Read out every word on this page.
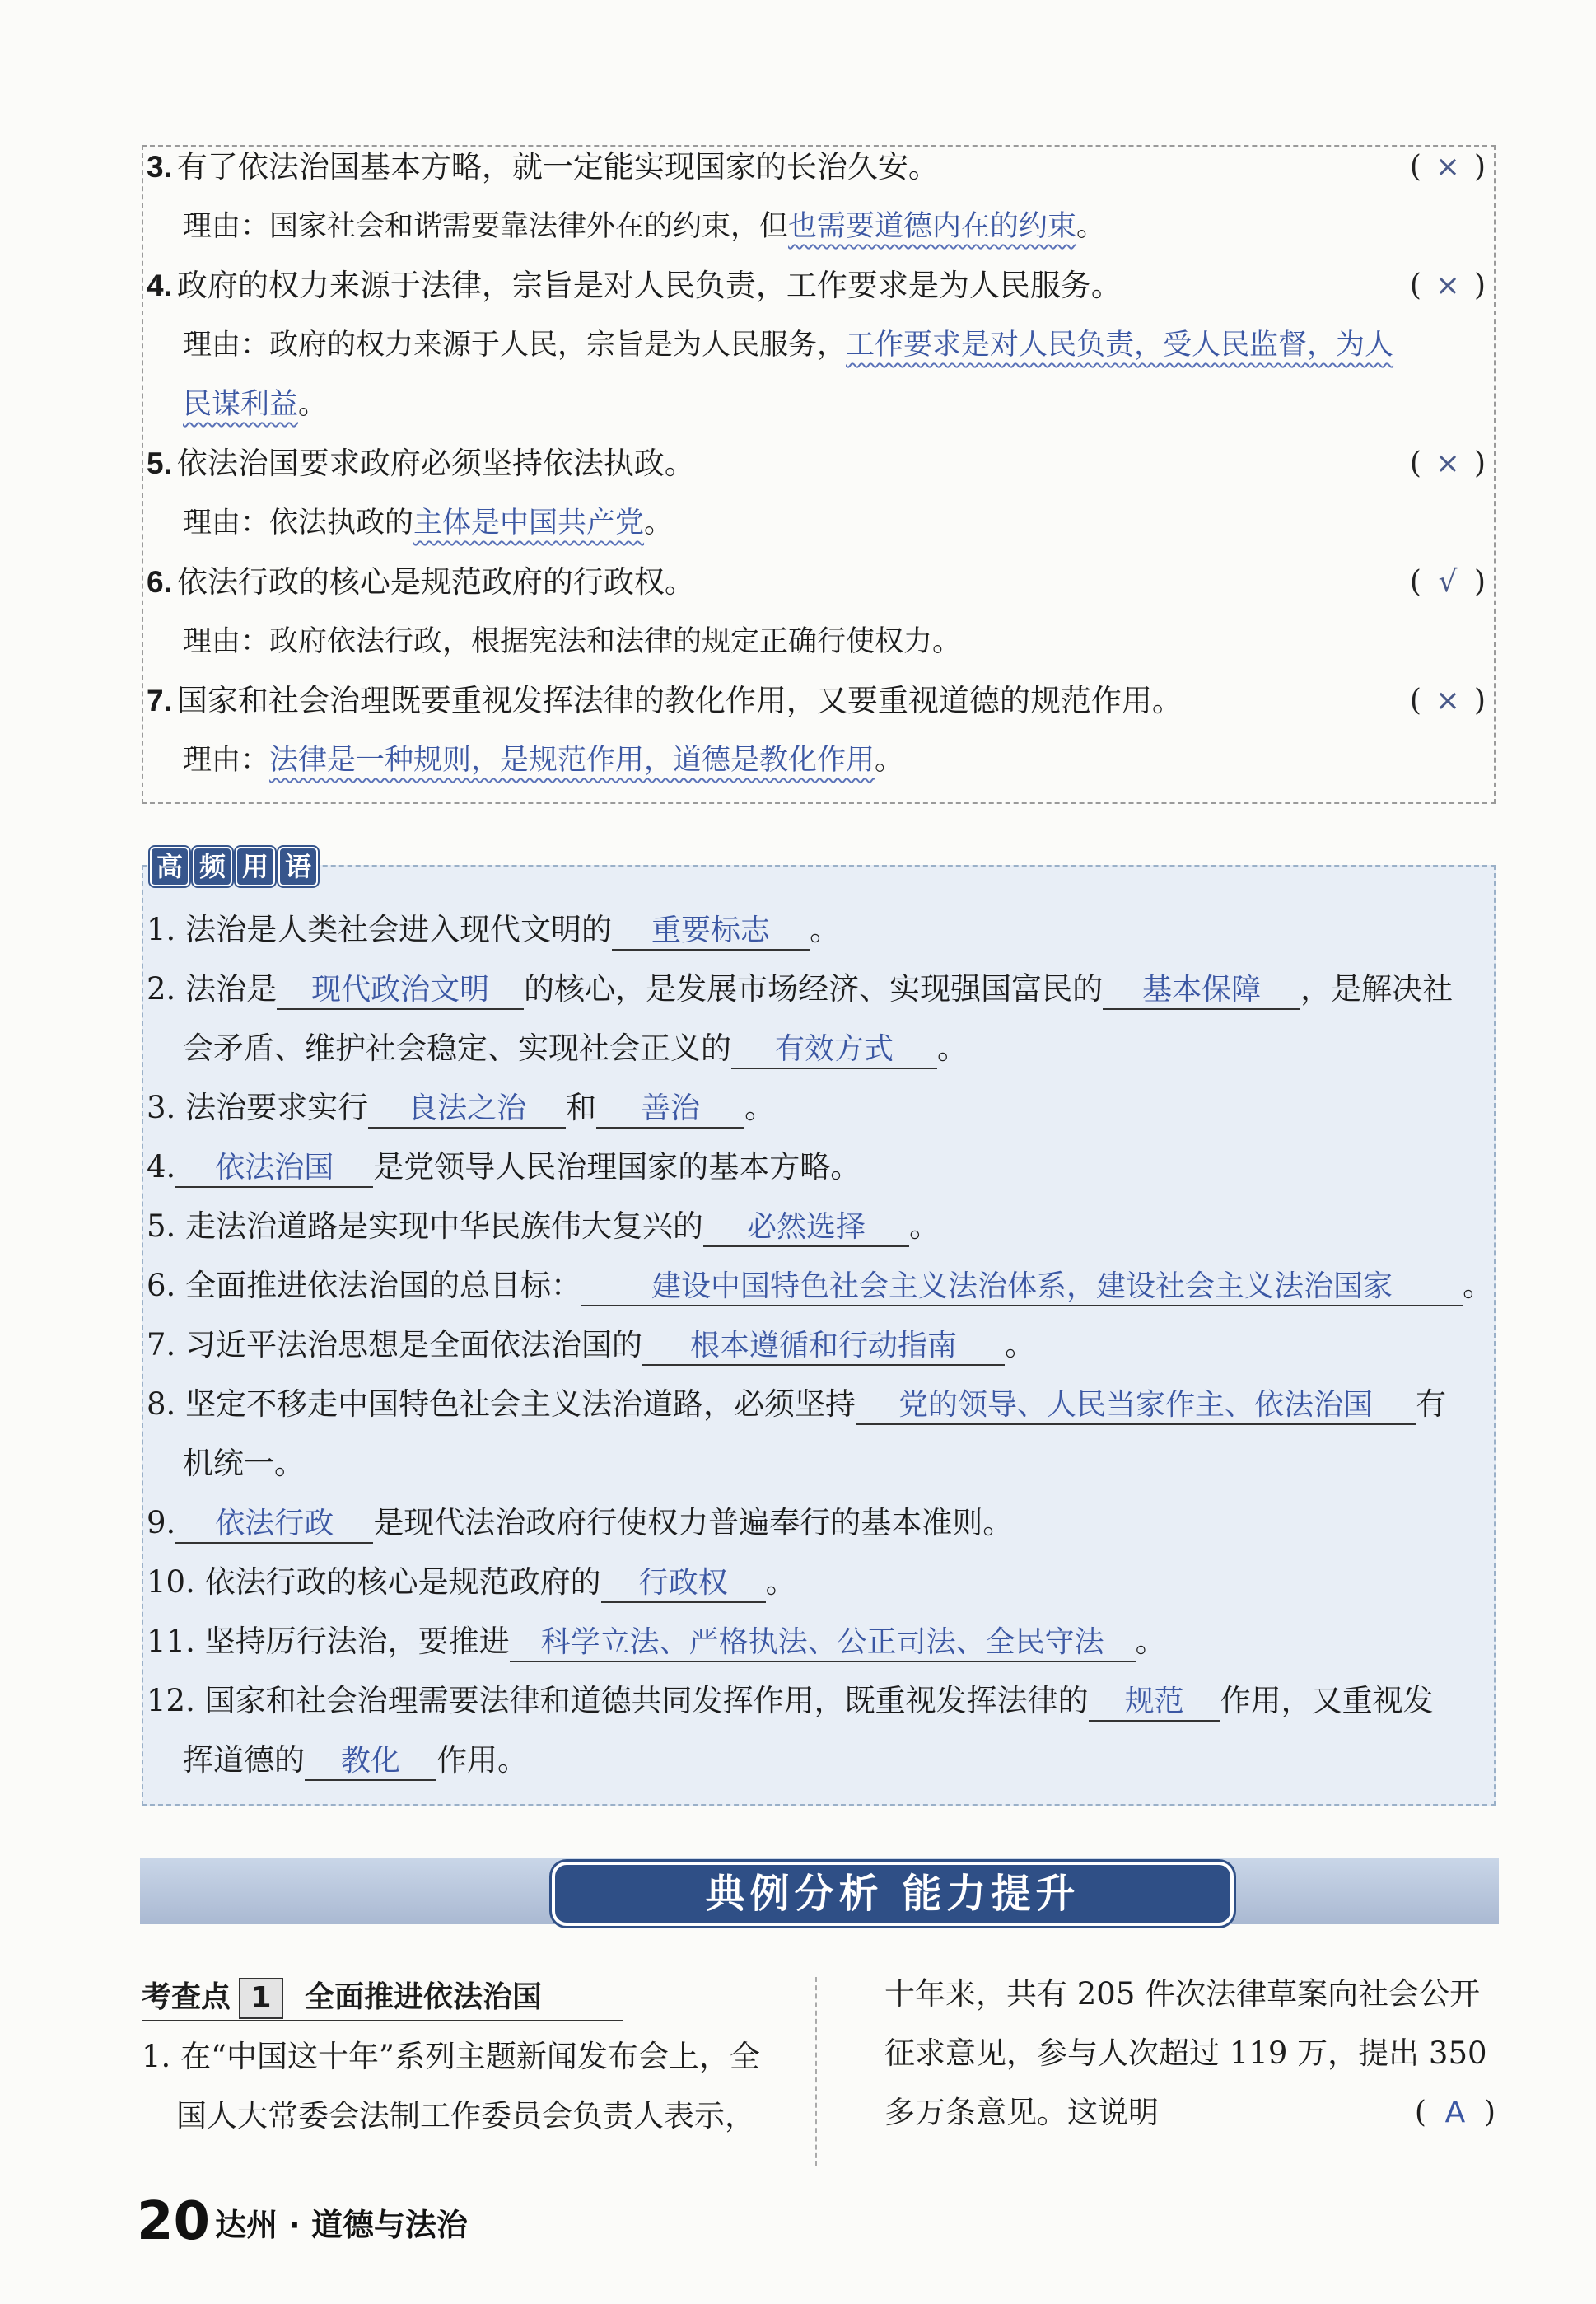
3. 有了依法治国基本方略，就一定能实现国家的长治久安。	( × )
理由：国家社会和谐需要靠法律外在的约束，但也需要道德内在的约束。
4. 政府的权力来源于法律，宗旨是对人民负责，工作要求是为人民服务。	( × )
理由：政府的权力来源于人民，宗旨是为人民服务，工作要求是对人民负责，受人民监督，为人
民谋利益。
5. 依法治国要求政府必须坚持依法执政。	( × )
理由：依法执政的主体是中国共产党。
6. 依法行政的核心是规范政府的行政权。	( √ )
理由：政府依法行政，根据宪法和法律的规定正确行使权力。
7. 国家和社会治理既要重视发挥法律的教化作用，又要重视道德的规范作用。	( × )
理由：法律是一种规则，是规范作用，道德是教化作用。
高 频 用 语
1. 法治是人类社会进入现代文明的 重要标志 。
2. 法治是 现代政治文明 的核心，是发展市场经济、实现强国富民的 基本保障 ，是解决社
会矛盾、维护社会稳定、实现社会正义的 有效方式 。
3. 法治要求实行 良法之治 和 善治 。
4. 依法治国 是党领导人民治理国家的基本方略。
5. 走法治道路是实现中华民族伟大复兴的 必然选择 。
6. 全面推进依法治国的总目标： 建设中国特色社会主义法治体系，建设社会主义法治国家 。
7. 习近平法治思想是全面依法治国的 根本遵循和行动指南 。
8. 坚定不移走中国特色社会主义法治道路，必须坚持 党的领导、人民当家作主、依法治国 有
机统一。
9. 依法行政 是现代法治政府行使权力普遍奉行的基本准则。
10. 依法行政的核心是规范政府的 行政权 。
11. 坚持厉行法治，要推进 科学立法、严格执法、公正司法、全民守法 。
12. 国家和社会治理需要法律和道德共同发挥作用，既重视发挥法律的 规范 作用，又重视发
挥道德的 教化 作用。
典例分析 能力提升
考查点 1 全面推进依法治国
1. 在“中国这十年”系列主题新闻发布会上，全
国人大常委会法制工作委员会负责人表示，
十年来，共有 205 件次法律草案向社会公开
征求意见，参与人次超过 119 万，提出 350
多万条意见。这说明	( A )
20 达州 · 道德与法治
